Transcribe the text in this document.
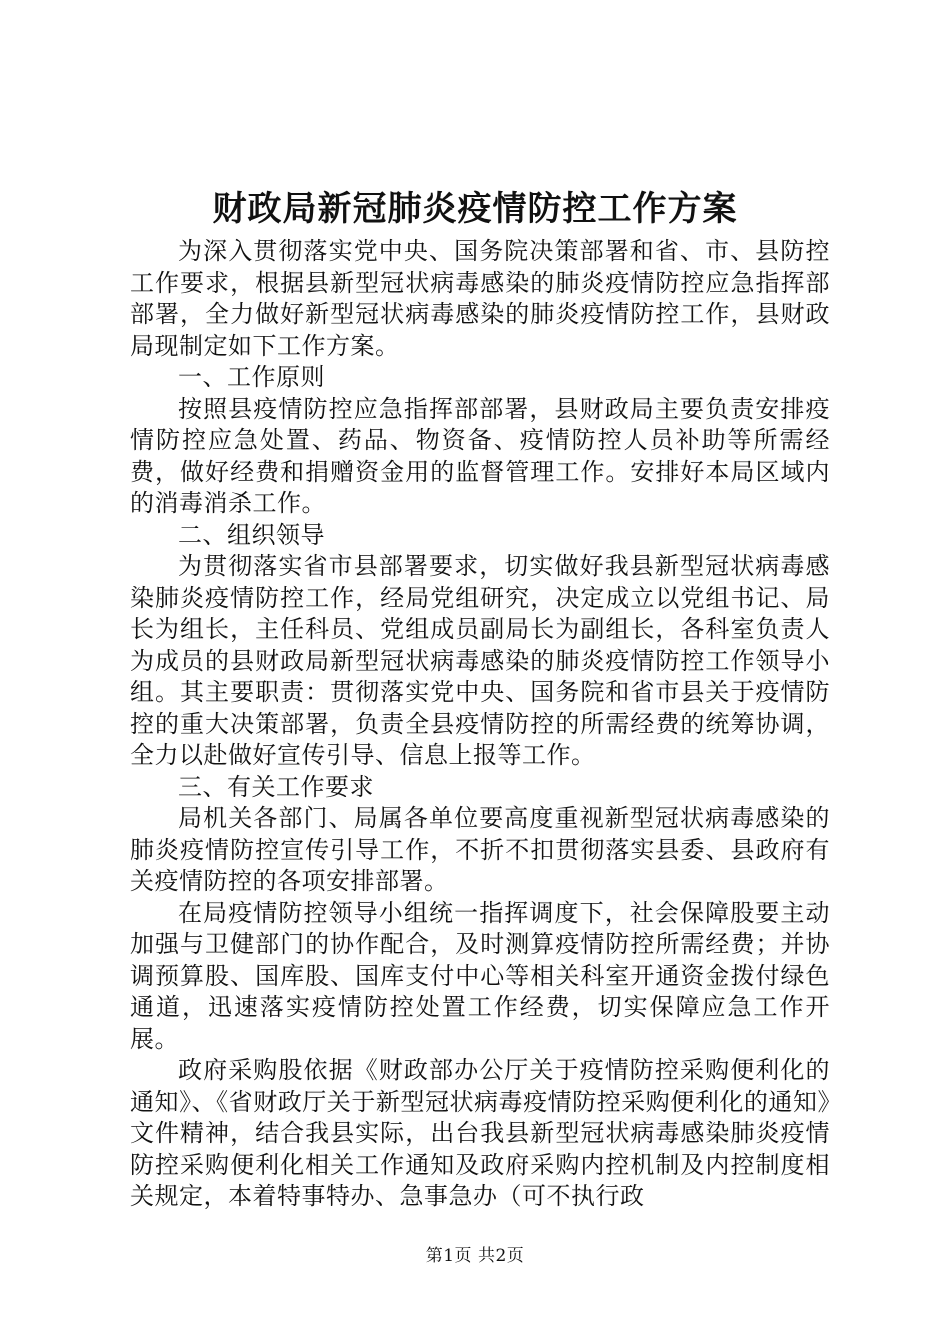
财政局新冠肺炎疫情防控工作方案

为深入贯彻落实党中央、国务院决策部署和省、市、县防控工作要求，根据县新型冠状病毒感染的肺炎疫情防控应急指挥部部署，全力做好新型冠状病毒感染的肺炎疫情防控工作，县财政局现制定如下工作方案。

一、工作原则

按照县疫情防控应急指挥部部署，县财政局主要负责安排疫情防控应急处置、药品、物资备、疫情防控人员补助等所需经费，做好经费和捐赠资金用的监督管理工作。安排好本局区域内的消毒消杀工作。

二、组织领导

为贯彻落实省市县部署要求，切实做好我县新型冠状病毒感染肺炎疫情防控工作，经局党组研究，决定成立以党组书记、局长为组长，主任科员、党组成员副局长为副组长，各科室负责人为成员的县财政局新型冠状病毒感染的肺炎疫情防控工作领导小组。其主要职责：贯彻落实党中央、国务院和省市县关于疫情防控的重大决策部署，负责全县疫情防控的所需经费的统筹协调，全力以赴做好宣传引导、信息上报等工作。

三、有关工作要求

局机关各部门、局属各单位要高度重视新型冠状病毒感染的肺炎疫情防控宣传引导工作，不折不扣贯彻落实县委、县政府有关疫情防控的各项安排部署。

在局疫情防控领导小组统一指挥调度下，社会保障股要主动加强与卫健部门的协作配合，及时测算疫情防控所需经费；并协调预算股、国库股、国库支付中心等相关科室开通资金拨付绿色通道，迅速落实疫情防控处置工作经费，切实保障应急工作开展。

政府采购股依据《财政部办公厅关于疫情防控采购便利化的通知》、《省财政厅关于新型冠状病毒疫情防控采购便利化的通知》文件精神，结合我县实际，出台我县新型冠状病毒感染肺炎疫情防控采购便利化相关工作通知及政府采购内控机制及内控制度相关规定，本着特事特办、急事急办（可不执行政

第1页 共2页
